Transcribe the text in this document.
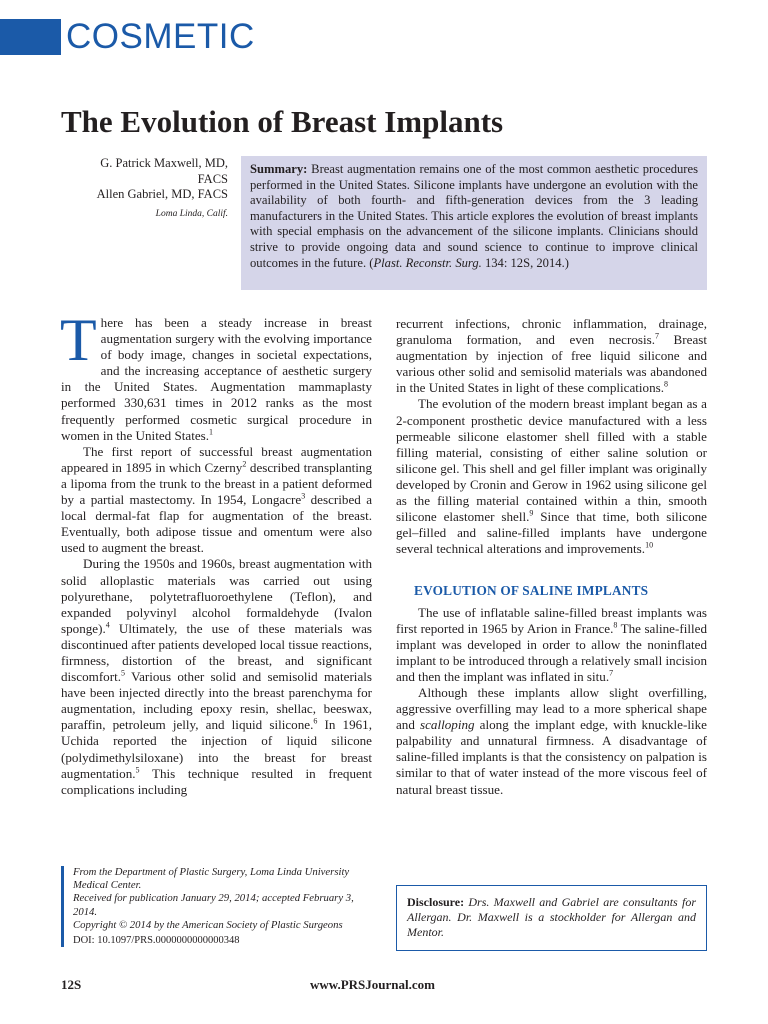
COSMETIC
The Evolution of Breast Implants
G. Patrick Maxwell, MD,
FACS
Allen Gabriel, MD, FACS
Loma Linda, Calif.
Summary: Breast augmentation remains one of the most common aesthetic procedures performed in the United States. Silicone implants have undergone an evolution with the availability of both fourth- and fifth-generation devices from the 3 leading manufacturers in the United States. This article explores the evolution of breast implants with special emphasis on the advancement of the silicone implants. Clinicians should strive to provide ongoing data and sound science to continue to improve clinical outcomes in the future. (Plast. Reconstr. Surg. 134: 12S, 2014.)
T here has been a steady increase in breast augmentation surgery with the evolving importance of body image, changes in societal expectations, and the increasing acceptance of aesthetic surgery in the United States. Augmentation mammaplasty performed 330,631 times in 2012 ranks as the most frequently performed cosmetic surgical procedure in women in the United States.$^1$

The first report of successful breast augmentation appeared in 1895 in which Czerny$^2$ described transplanting a lipoma from the trunk to the breast in a patient deformed by a partial mastectomy. In 1954, Longacre$^3$ described a local dermal-fat flap for augmentation of the breast. Eventually, both adipose tissue and omentum were also used to augment the breast.

During the 1950s and 1960s, breast augmentation with solid alloplastic materials was carried out using polyurethane, polytetrafluoroethylene (Teflon), and expanded polyvinyl alcohol formaldehyde (Ivalon sponge).$^4$ Ultimately, the use of these materials was discontinued after patients developed local tissue reactions, firmness, distortion of the breast, and significant discomfort.$^5$ Various other solid and semisolid materials have been injected directly into the breast parenchyma for augmentation, including epoxy resin, shellac, beeswax, paraffin, petroleum jelly, and liquid silicone.$^6$ In 1961, Uchida reported the injection of liquid silicone (polydimethylsiloxane) into the breast for breast augmentation.$^5$ This technique resulted in frequent complications including

recurrent infections, chronic inflammation, drainage, granuloma formation, and even necrosis.$^7$ Breast augmentation by injection of free liquid silicone and various other solid and semisolid materials was abandoned in the United States in light of these complications.$^8$

The evolution of the modern breast implant began as a 2-component prosthetic device manufactured with a less permeable silicone elastomer shell filled with a stable filling material, consisting of either saline solution or silicone gel. This shell and gel filler implant was originally developed by Cronin and Gerow in 1962 using silicone gel as the filling material contained within a thin, smooth silicone elastomer shell.$^9$ Since that time, both silicone gel–filled and saline-filled implants have undergone several technical alterations and improvements.$^{10}$

EVOLUTION OF SALINE IMPLANTS

The use of inflatable saline-filled breast implants was first reported in 1965 by Arion in France.$^8$ The saline-filled implant was developed in order to allow the noninflated implant to be introduced through a relatively small incision and then the implant was inflated in situ.$^7$

Although these implants allow slight overfilling, aggressive overfilling may lead to a more spherical shape and scalloping along the implant edge, with knuckle-like palpability and unnatural firmness. A disadvantage of saline-filled implants is that the consistency on palpation is similar to that of water instead of the more viscous feel of natural breast tissue.

From the Department of Plastic Surgery, Loma Linda University Medical Center.
Received for publication January 29, 2014; accepted February 3, 2014.
Copyright © 2014 by the American Society of Plastic Surgeons
DOI: 10.1097/PRS.0000000000000348
Disclosure: Drs. Maxwell and Gabriel are consultants for Allergan. Dr. Maxwell is a stockholder for Allergan and Mentor.
12S	www.PRSJournal.com
